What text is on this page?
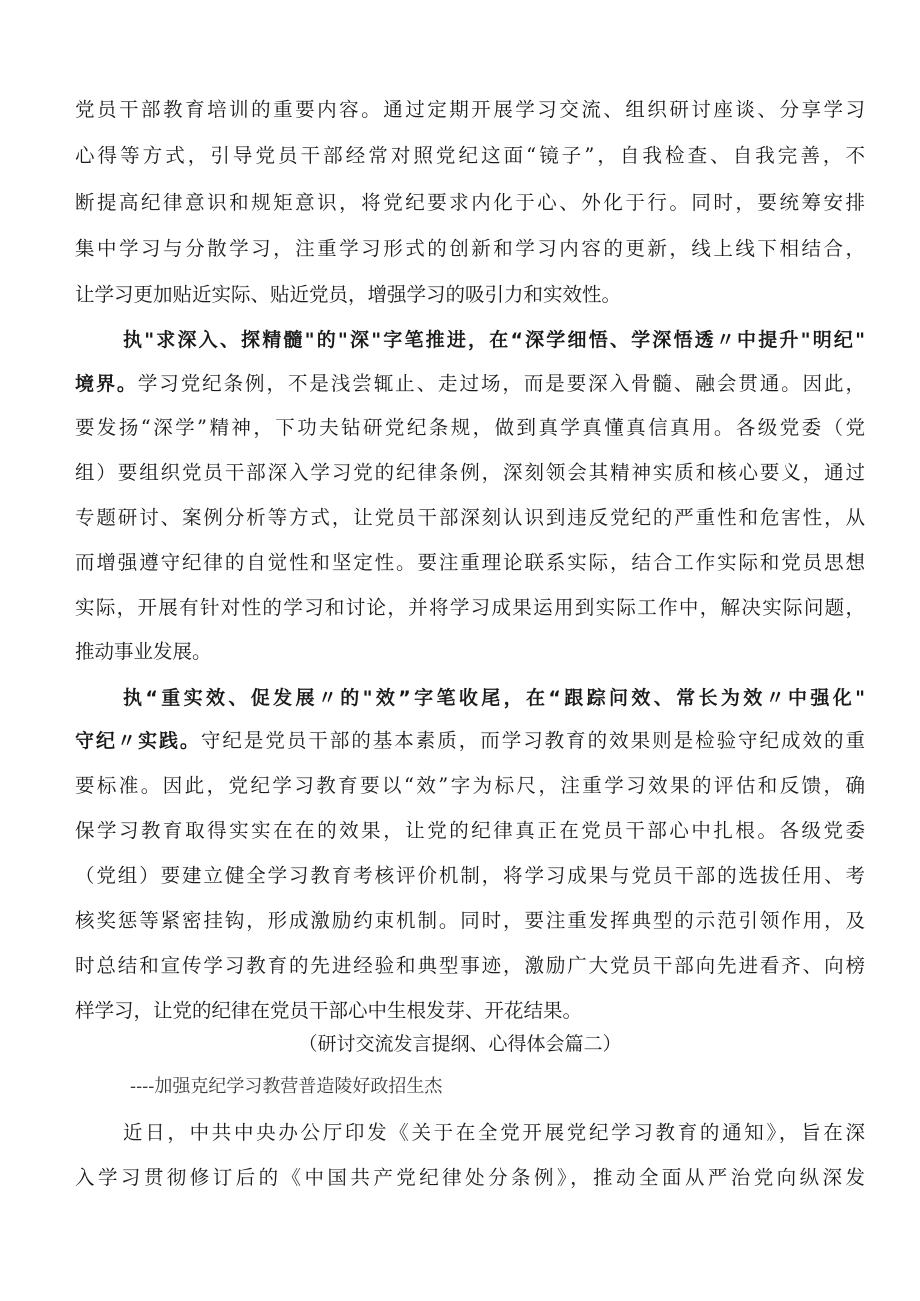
党员干部教育培训的重要内容。通过定期开展学习交流、组织研讨座谈、分享学习
心得等方式，引导党员干部经常对照党纪这面“镜子”，自我检查、自我完善，不
断提高纪律意识和规矩意识，将党纪要求内化于心、外化于行。同时，要统筹安排
集中学习与分散学习，注重学习形式的创新和学习内容的更新，线上线下相结合，
让学习更加贴近实际、贴近党员，增强学习的吸引力和实效性。
执"求深入、探精髓"的"深"字笔推进，在“深学细悟、学深悟透〃中提升"明纪"
境界。学习党纪条例，不是浅尝辄止、走过场，而是要深入骨髓、融会贯通。因此，
要发扬“深学”精神，下功夫钻研党纪条规，做到真学真懂真信真用。各级党委（党
组）要组织党员干部深入学习党的纪律条例，深刻领会其精神实质和核心要义，通过
专题研讨、案例分析等方式，让党员干部深刻认识到违反党纪的严重性和危害性，从
而增强遵守纪律的自觉性和坚定性。要注重理论联系实际，结合工作实际和党员思想
实际，开展有针对性的学习和讨论，并将学习成果运用到实际工作中，解决实际问题，
推动事业发展。
执“重实效、促发展〃的"效”字笔收尾，在“跟踪问效、常长为效〃中强化"
守纪〃实践。守纪是党员干部的基本素质，而学习教育的效果则是检验守纪成效的重
要标准。因此，党纪学习教育要以“效”字为标尺，注重学习效果的评估和反馈，确
保学习教育取得实实在在的效果，让党的纪律真正在党员干部心中扎根。各级党委
（党组）要建立健全学习教育考核评价机制，将学习成果与党员干部的选拔任用、考
核奖惩等紧密挂钩，形成激励约束机制。同时，要注重发挥典型的示范引领作用，及
时总结和宣传学习教育的先进经验和典型事迹，激励广大党员干部向先进看齐、向榜
样学习，让党的纪律在党员干部心中生根发芽、开花结果。
（研讨交流发言提纲、心得体会篇二）
----加强克纪学习教营普造陵好政招生杰
近日，中共中央办公厅印发《关于在全党开展党纪学习教育的通知》，旨在深
入学习贯彻修订后的《中国共产党纪律处分条例》，推动全面从严治党向纵深发
